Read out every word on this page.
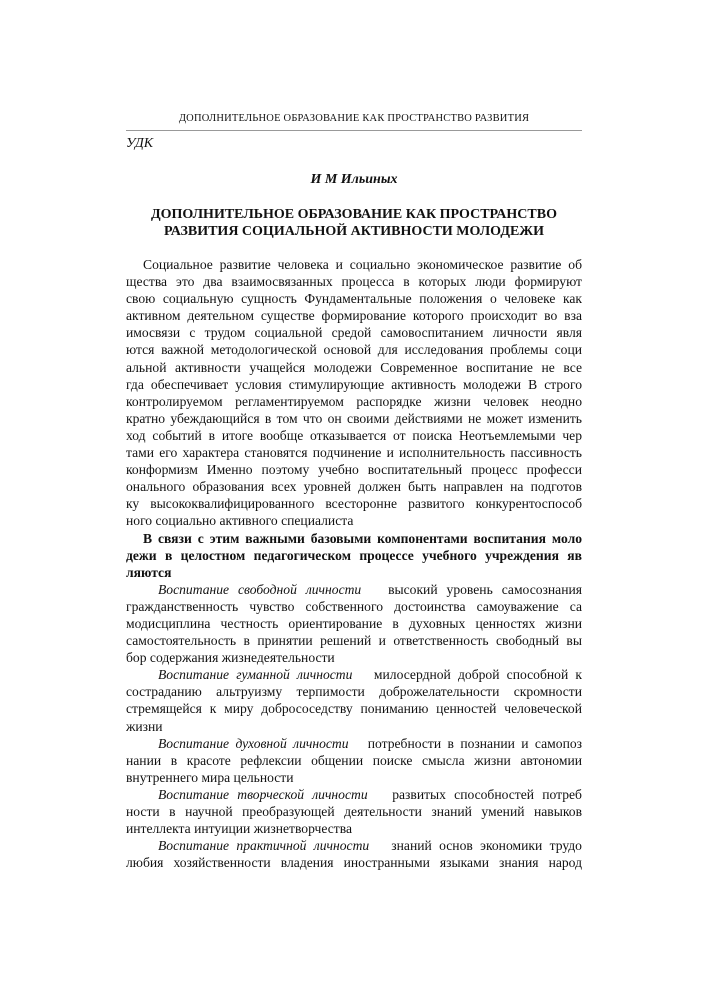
ДОПОЛНИТЕЛЬНОЕ ОБРАЗОВАНИЕ КАК ПРОСТРАНСТВО РАЗВИТИЯ
УДК
И М Ильиных
ДОПОЛНИТЕЛЬНОЕ ОБРАЗОВАНИЕ КАК ПРОСТРАНСТВО
РАЗВИТИЯ СОЦИАЛЬНОЙ АКТИВНОСТИ МОЛОДЕЖИ
Социальное развитие человека и социально экономическое развитие об
щества это два взаимосвязанных процесса в которых люди формируют
свою социальную сущность Фундаментальные положения о человеке как
активном деятельном существе формирование которого происходит во вза
имосвязи с трудом социальной средой самовоспитанием личности явля
ются важной методологической основой для исследования проблемы соци
альной активности учащейся молодежи Современное воспитание не все
гда обеспечивает условия стимулирующие активность молодежи В строго
контролируемом регламентируемом распорядке жизни человек неодно
кратно убеждающийся в том что он своими действиями не может изменить
ход событий в итоге вообще отказывается от поиска Неотъемлемыми чер
тами его характера становятся подчинение и исполнительность пассивность
конформизм Именно поэтому учебно воспитательный процесс професси
онального образования всех уровней должен быть направлен на подготов
ку высококвалифицированного всесторонне развитого конкурентоспособ
ного социально активного специалиста
В связи с этим важными базовыми компонентами воспитания моло
дежи в целостном педагогическом процессе учебного учреждения яв
ляются
Воспитание свободной личности высокий уровень самосознания
гражданственность чувство собственного достоинства самоуважение са
модисциплина честность ориентирование в духовных ценностях жизни
самостоятельность в принятии решений и ответственность свободный вы
бор содержания жизнедеятельности
Воспитание гуманной личности милосердной доброй способной к
состраданию альтруизму терпимости доброжелательности скромности
стремящейся к миру добрососедству пониманию ценностей человеческой
жизни
Воспитание духовной личности потребности в познании и самопоз
нании в красоте рефлексии общении поиске смысла жизни автономии
внутреннего мира цельности
Воспитание творческой личности развитых способностей потреб
ности в научной преобразующей деятельности знаний умений навыков
интеллекта интуиции жизнетворчества
Воспитание практичной личности знаний основ экономики трудо
любия хозяйственности владения иностранными языками знания народ
